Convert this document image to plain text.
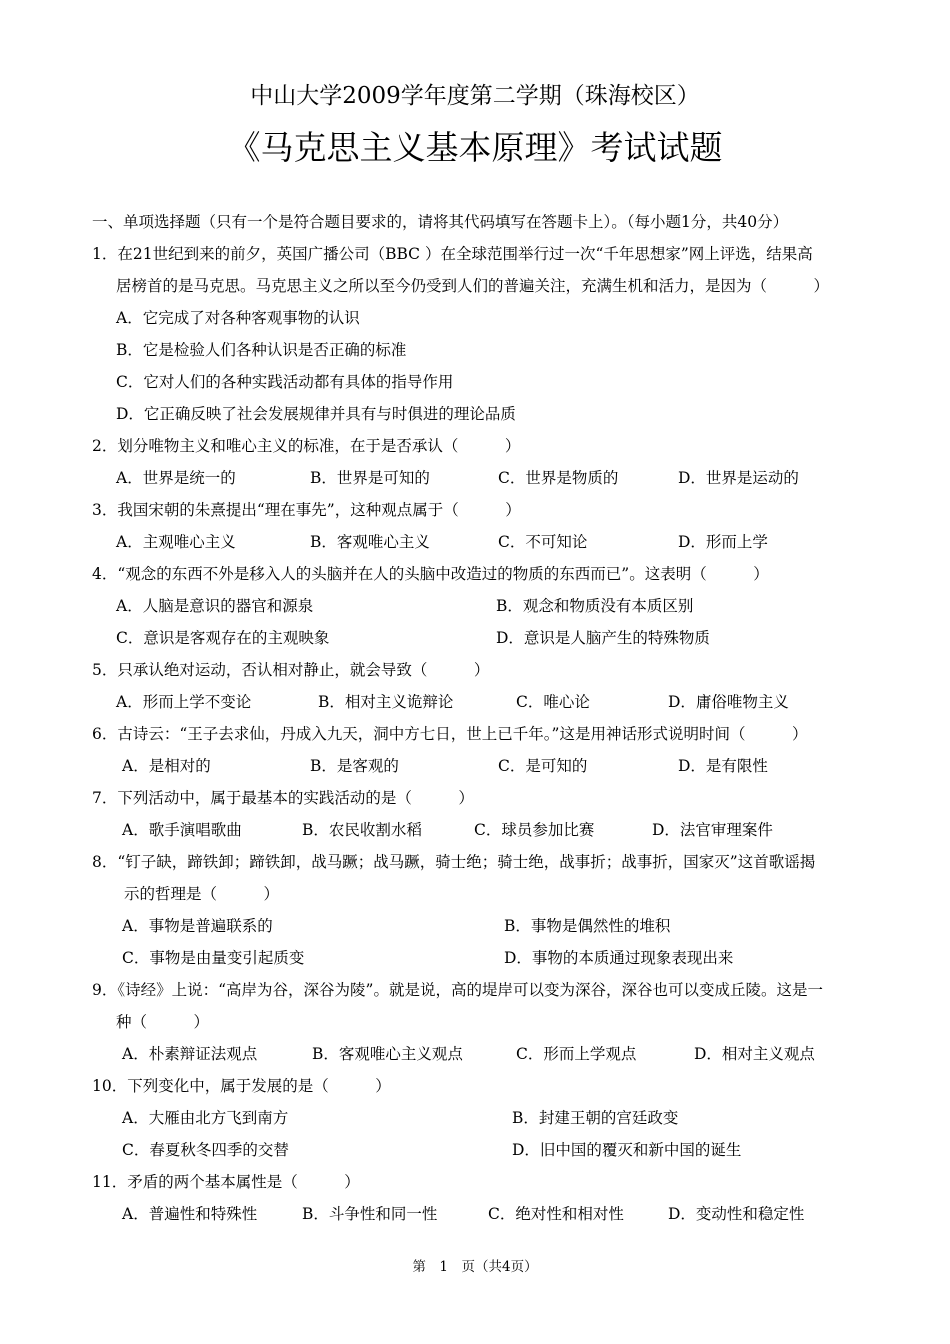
中山大学2009学年度第二学期（珠海校区）
《马克思主义基本原理》考试试题
一、单项选择题（只有一个是符合题目要求的，请将其代码填写在答题卡上）。（每小题1分，共40分）
1．在21世纪到来的前夕，英国广播公司（BBC ）在全球范围举行过一次“千年思想家”网上评选，结果高
居榜首的是马克思。马克思主义之所以至今仍受到人们的普遍关注，充满生机和活力，是因为（　　　）
A．它完成了对各种客观事物的认识
B．它是检验人们各种认识是否正确的标准
C．它对人们的各种实践活动都有具体的指导作用
D．它正确反映了社会发展规律并具有与时俱进的理论品质
2．划分唯物主义和唯心主义的标准，在于是否承认（　　　）
A．世界是统一的	B．世界是可知的	C．世界是物质的	D．世界是运动的
3．我国宋朝的朱熹提出“理在事先”，这种观点属于（　　　）
A．主观唯心主义	B．客观唯心主义	C．不可知论	D．形而上学
4．“观念的东西不外是移入人的头脑并在人的头脑中改造过的物质的东西而已”。这表明（　　　）
A．人脑是意识的器官和源泉	B．观念和物质没有本质区别
C．意识是客观存在的主观映象	D．意识是人脑产生的特殊物质
5．只承认绝对运动，否认相对静止，就会导致（　　　）
A．形而上学不变论	B．相对主义诡辩论	C．唯心论	D．庸俗唯物主义
6．古诗云：“王子去求仙，丹成入九天，洞中方七日，世上已千年。”这是用神话形式说明时间（　　　）
A．是相对的	B．是客观的	C．是可知的	D．是有限性
7．下列活动中，属于最基本的实践活动的是（　　　）
A．歌手演唱歌曲	B．农民收割水稻	C．球员参加比赛	D．法官审理案件
8．“钉子缺，蹄铁卸；蹄铁卸，战马蹶；战马蹶，骑士绝；骑士绝，战事折；战事折，国家灭”这首歌谣揭
示的哲理是（　　　）
A．事物是普遍联系的	B．事物是偶然性的堆积
C．事物是由量变引起质变	D．事物的本质通过现象表现出来
9．《诗经》上说：“高岸为谷，深谷为陵”。就是说，高的堤岸可以变为深谷，深谷也可以变成丘陵。这是一
种（　　　）
A．朴素辩证法观点	B．客观唯心主义观点	C．形而上学观点	D．相对主义观点
10．下列变化中，属于发展的是（　　　）
A．大雁由北方飞到南方	B．封建王朝的宫廷政变
C．春夏秋冬四季的交替	D．旧中国的覆灭和新中国的诞生
11．矛盾的两个基本属性是（　　　）
A．普遍性和特殊性	B．斗争性和同一性	C．绝对性和相对性	D．变动性和稳定性
第　1　页（共4页）
